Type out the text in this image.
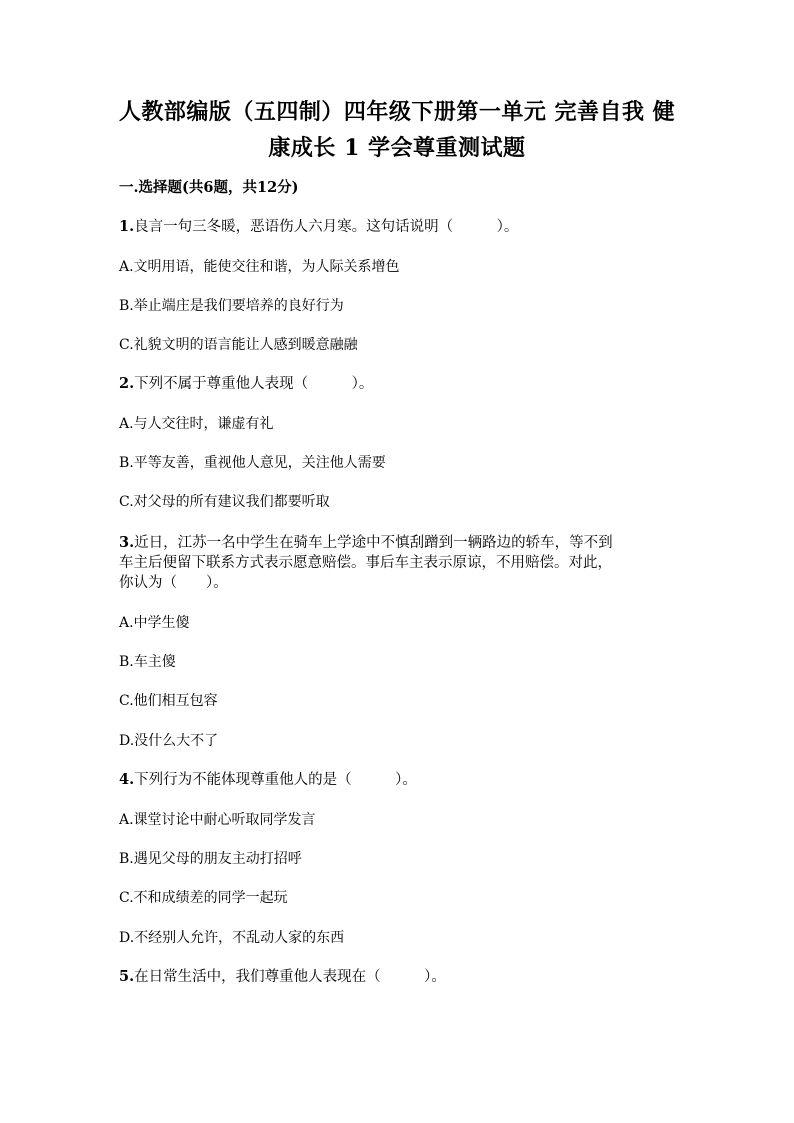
人教部编版（五四制）四年级下册第一单元 完善自我 健康成长 1 学会尊重测试题
一.选择题(共6题，共12分)
1.良言一句三冬暖，恶语伤人六月寒。这句话说明（　　　）。
A.文明用语，能使交往和谐，为人际关系增色
B.举止端庄是我们要培养的良好行为
C.礼貌文明的语言能让人感到暖意融融
2.下列不属于尊重他人表现（　　　）。
A.与人交往时，谦虚有礼
B.平等友善，重视他人意见，关注他人需要
C.对父母的所有建议我们都要听取
3.近日，江苏一名中学生在骑车上学途中不慎刮蹭到一辆路边的轿车，等不到
车主后便留下联系方式表示愿意赔偿。事后车主表示原谅，不用赔偿。对此，
你认为（　　）。
A.中学生傻
B.车主傻
C.他们相互包容
D.没什么大不了
4.下列行为不能体现尊重他人的是（　　　）。
A.课堂讨论中耐心听取同学发言
B.遇见父母的朋友主动打招呼
C.不和成绩差的同学一起玩
D.不经别人允许，不乱动人家的东西
5.在日常生活中，我们尊重他人表现在（　　　）。
